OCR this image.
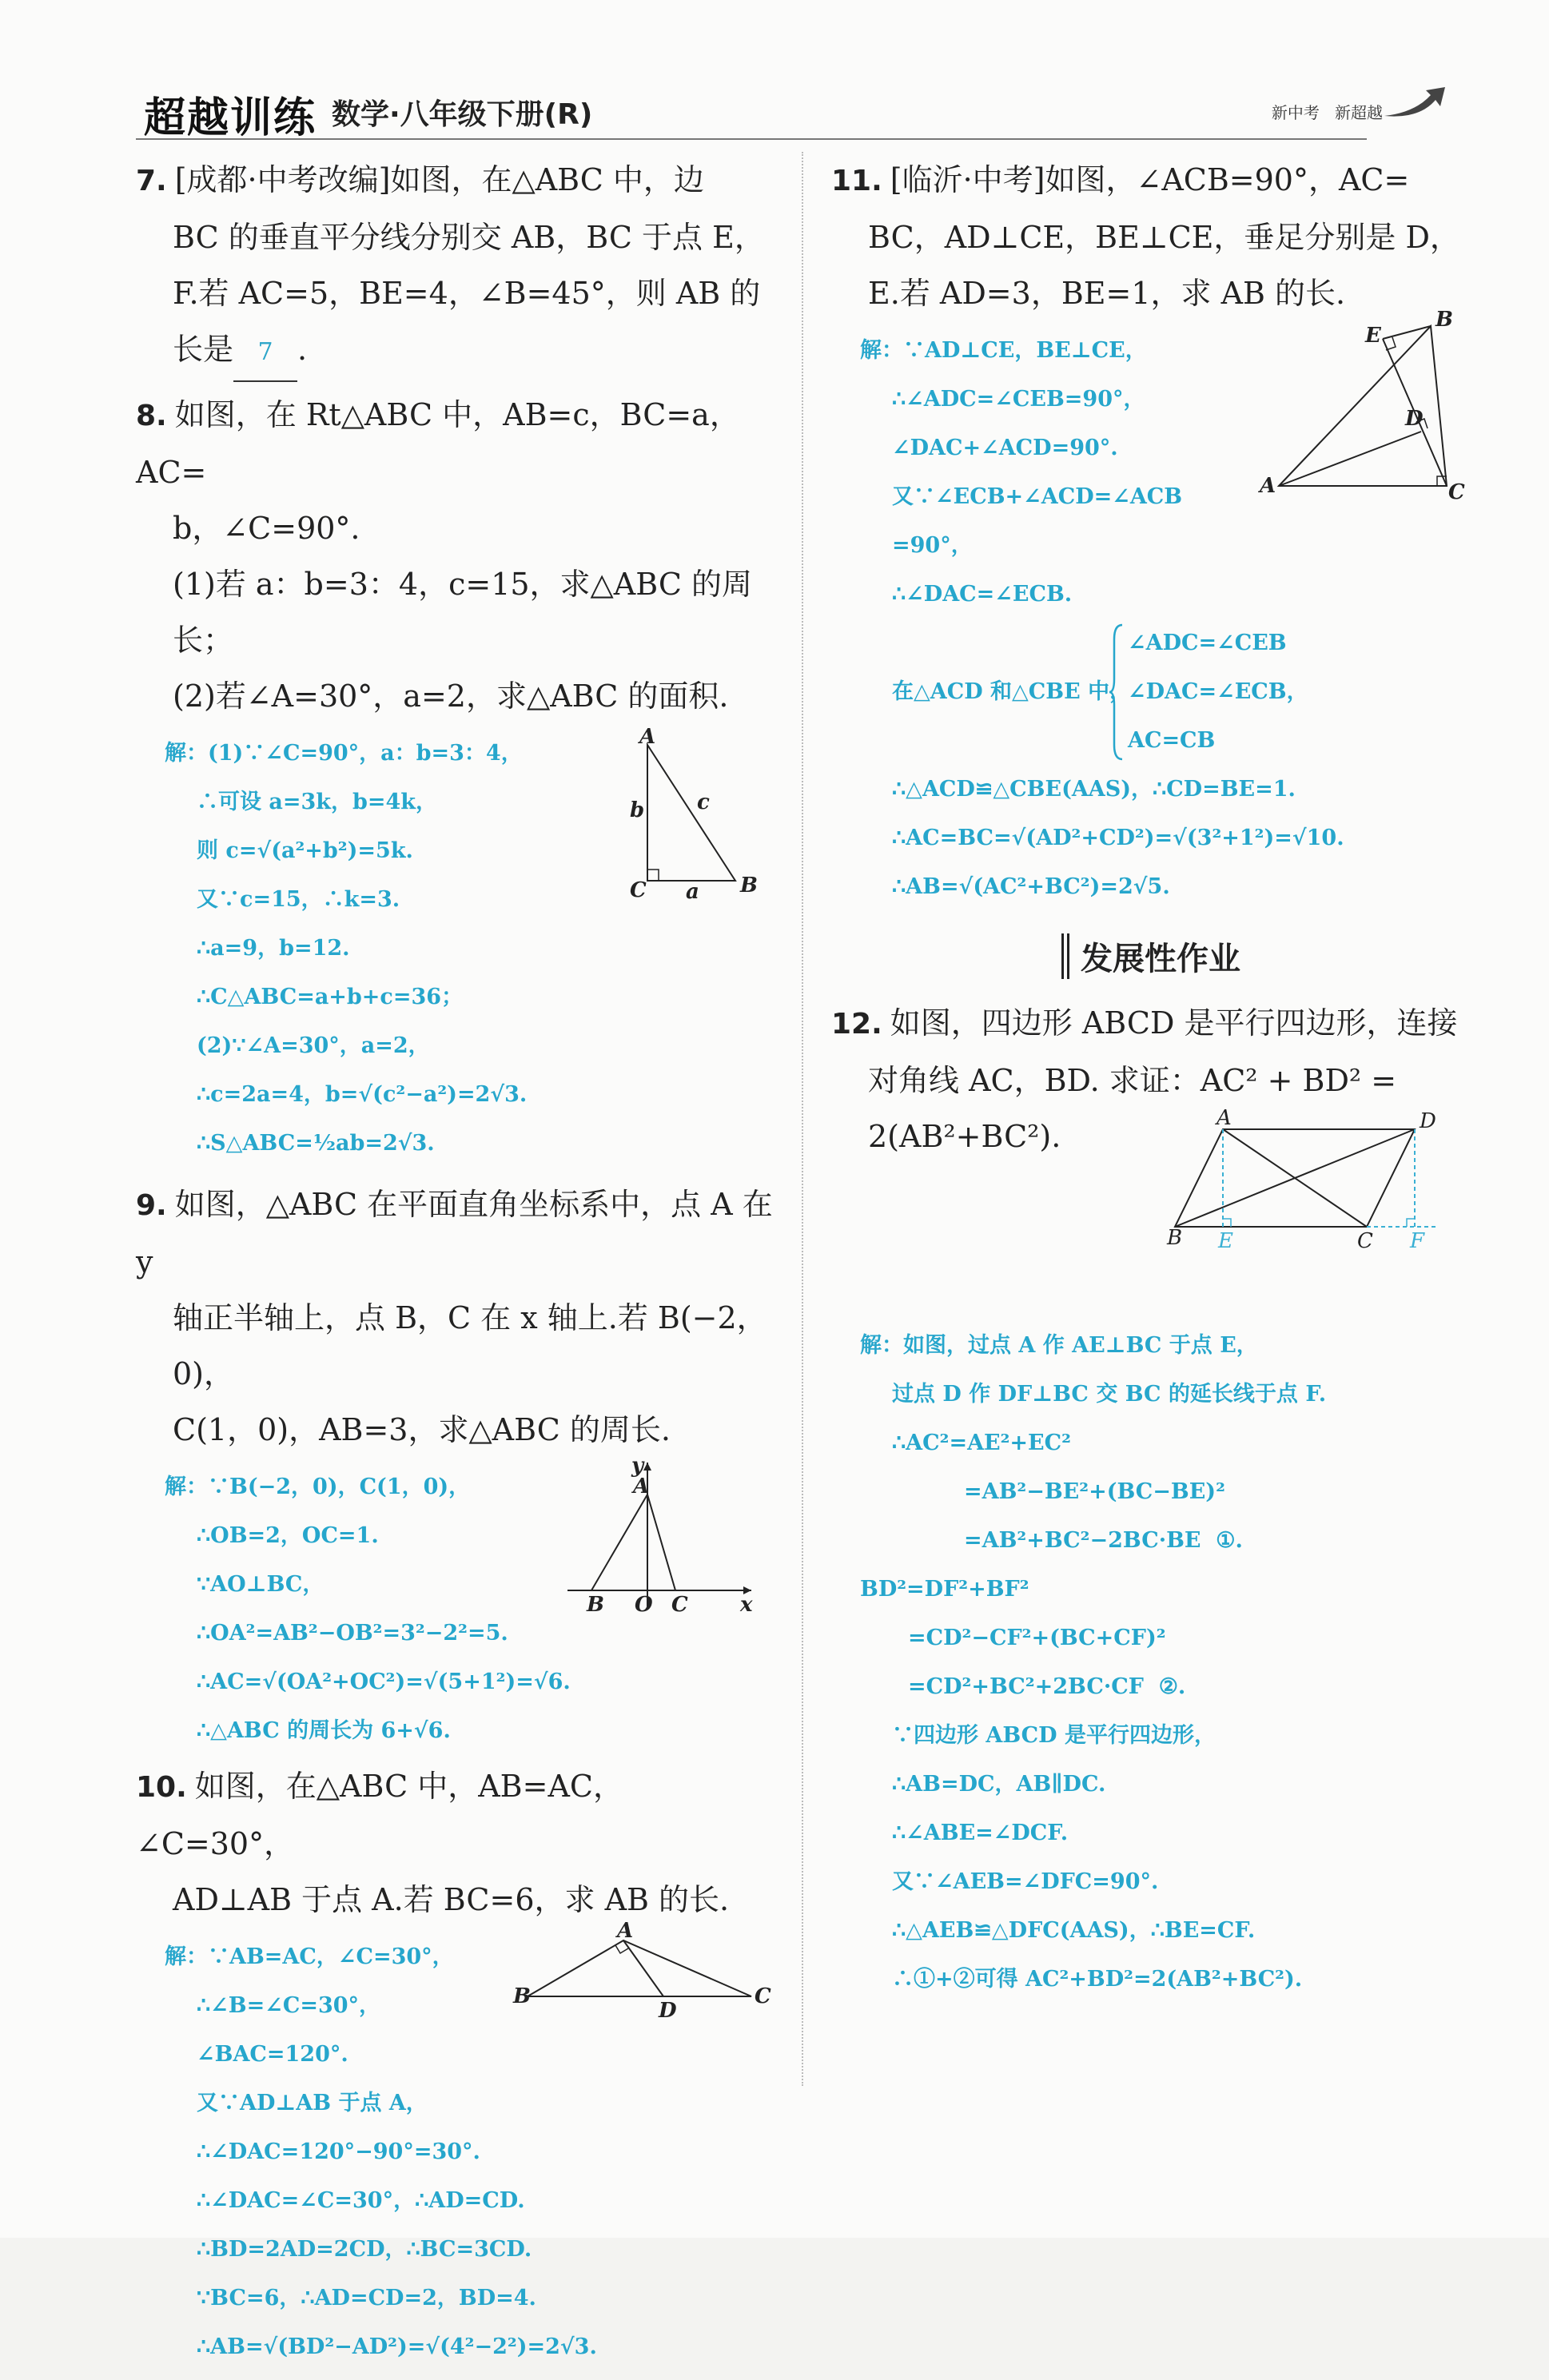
超越训练 数学·八年级下册(R)	新中考 新超越
7. [成都·中考改编]如图，在△ABC 中，边
BC 的垂直平分线分别交 AB，BC 于点 E，
F.若 AC=5，BE=4，∠B=45°，则 AB 的
长是 7 .
8. 如图，在 Rt△ABC 中，AB=c，BC=a，AC=
b，∠C=90°.
(1)若 a：b=3：4，c=15，求△ABC 的周长；
(2)若∠A=30°，a=2，求△ABC 的面积.
解：(1)∵∠C=90°，a：b=3：4，
∴可设 a=3k，b=4k，
则 c=√(a²+b²)=5k.
又∵c=15，∴k=3.
∴a=9，b=12.
∴C△ABC=a+b+c=36；
(2)∵∠A=30°，a=2，
∴c=2a=4，b=√(c²−a²)=2√3.
∴S△ABC=½ab=2√3.
A
b	c
C a B
9. 如图，△ABC 在平面直角坐标系中，点 A 在 y
轴正半轴上，点 B，C 在 x 轴上.若 B(−2，0)，
C(1，0)，AB=3，求△ABC 的周长.
解：∵B(−2，0)，C(1，0)，
∴OB=2，OC=1.
∵AO⊥BC，
∴OA²=AB²−OB²=3²−2²=5.
∴AC=√(OA²+OC²)=√(5+1²)=√6.
∴△ABC 的周长为 6+√6.
y
A
B O C	x
10. 如图，在△ABC 中，AB=AC，∠C=30°，
AD⊥AB 于点 A.若 BC=6，求 AB 的长.
解：∵AB=AC，∠C=30°，
∴∠B=∠C=30°，
∠BAC=120°.
又∵AD⊥AB 于点 A，
∴∠DAC=120°−90°=30°.
∴∠DAC=∠C=30°，∴AD=CD.
∴BD=2AD=2CD，∴BC=3CD.
∵BC=6，∴AD=CD=2，BD=4.
∴AB=√(BD²−AD²)=√(4²−2²)=2√3.
A
B
D
C
11. [临沂·中考]如图，∠ACB=90°，AC=
BC，AD⊥CE，BE⊥CE，垂足分别是 D，
E.若 AD=3，BE=1，求 AB 的长.
解：∵AD⊥CE，BE⊥CE，
∴∠ADC=∠CEB=90°，
∠DAC+∠ACD=90°.
又∵∠ECB+∠ACD=∠ACB
=90°，
∴∠DAC=∠ECB.
在△ACD 和△CBE 中，
∠ADC=∠CEB
∠DAC=∠ECB，
AC=CB
∴△ACD≌△CBE(AAS)，∴CD=BE=1.
∴AC=BC=√(AD²+CD²)=√(3²+1²)=√10.
∴AB=√(AC²+BC²)=2√5.
E
B
D
A	C
发展性作业
12. 如图，四边形 ABCD 是平行四边形，连接
对角线 AC，BD. 求证：AC² + BD² =
2(AB²+BC²).
A	D
B E	C F
解：如图，过点 A 作 AE⊥BC 于点 E，
过点 D 作 DF⊥BC 交 BC 的延长线于点 F.
∴AC²=AE²+EC²
=AB²−BE²+(BC−BE)²
=AB²+BC²−2BC·BE  ①.
BD²=DF²+BF²
=CD²−CF²+(BC+CF)²
=CD²+BC²+2BC·CF  ②.
∵四边形 ABCD 是平行四边形，
∴AB=DC，AB∥DC.
∴∠ABE=∠DCF.
又∵∠AEB=∠DFC=90°.
∴△AEB≌△DFC(AAS)，∴BE=CF.
∴①+②可得 AC²+BD²=2(AB²+BC²).
